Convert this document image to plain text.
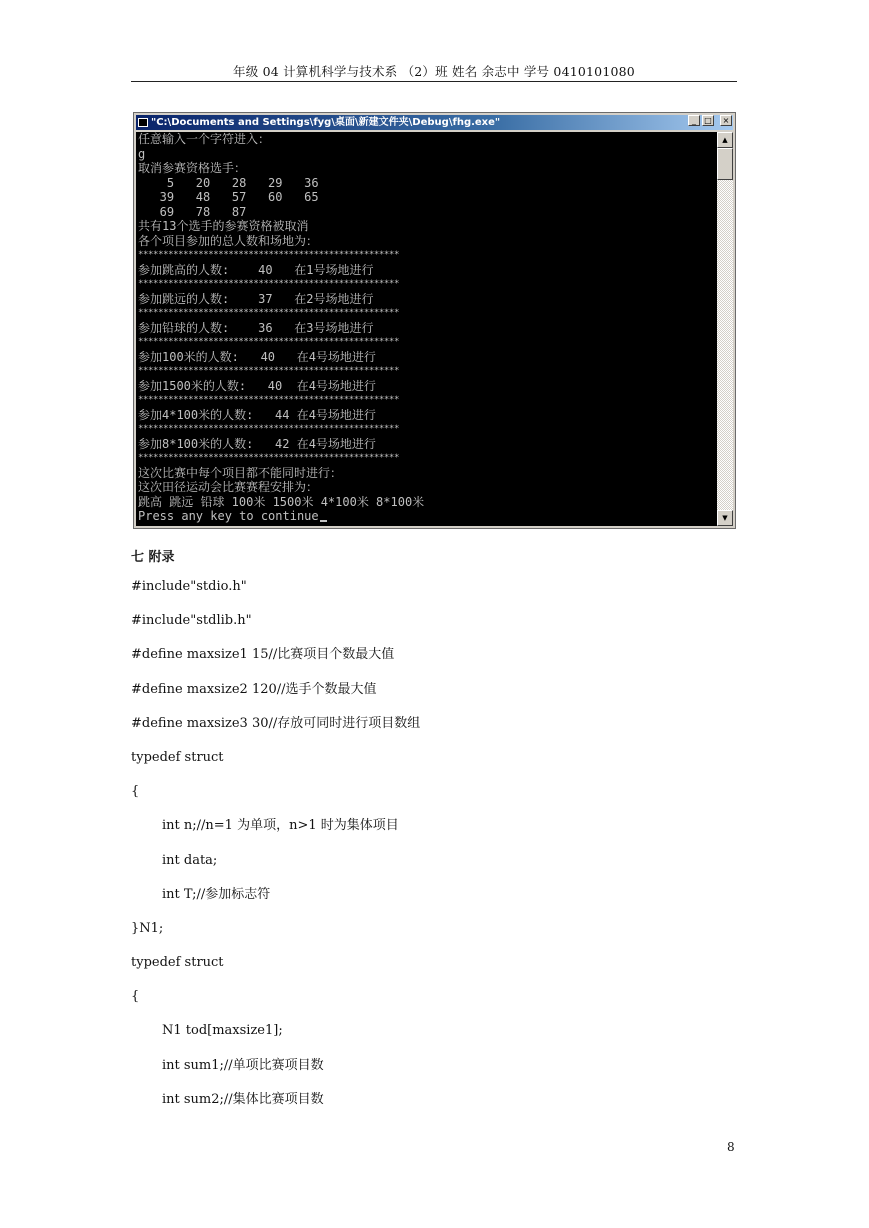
年级 04 计算机科学与技术系 （2）班 姓名 余志中 学号 0410101080
"C:\Documents and Settings\fyg\桌面\新建文件夹\Debug\fhg.exe"	_	□	×
任意输入一个字符进入：
g
取消参赛资格选手：
5   20   28   29   36
39   48   57   60   65
69   78   87
共有13个选手的参赛资格被取消
各个项目参加的总人数和场地为：
****************************************************
参加跳高的人数:    40   在1号场地进行
****************************************************
参加跳远的人数:    37   在2号场地进行
****************************************************
参加铅球的人数:    36   在3号场地进行
****************************************************
参加100米的人数:   40   在4号场地进行
****************************************************
参加1500米的人数:   40  在4号场地进行
****************************************************
参加4*100米的人数:   44 在4号场地进行
****************************************************
参加8*100米的人数:   42 在4号场地进行
****************************************************
这次比赛中每个项目都不能同时进行：
这次田径运动会比赛赛程安排为：
跳高 跳远 铅球 100米 1500米 4*100米 8*100米
Press any key to continue
▲
▼
七 附录
#include"stdio.h"
#include"stdlib.h"
#define maxsize1 15//比赛项目个数最大值
#define maxsize2 120//选手个数最大值
#define maxsize3 30//存放可同时进行项目数组
typedef struct
{
int n;//n=1 为单项，n>1 时为集体项目
int data;
int T;//参加标志符
}N1;
typedef struct
{
N1 tod[maxsize1];
int sum1;//单项比赛项目数
int sum2;//集体比赛项目数
8
